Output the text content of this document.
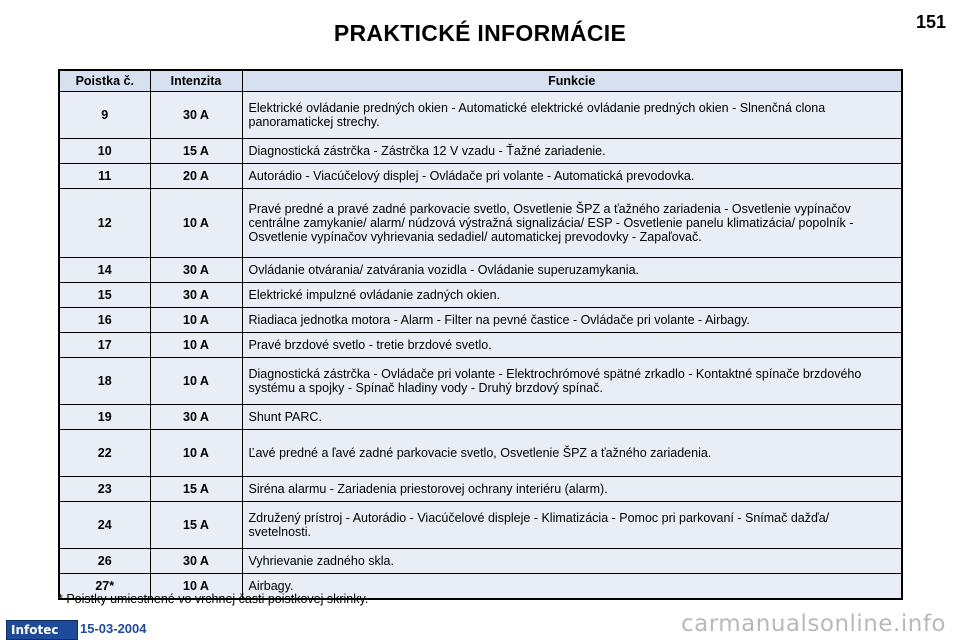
PRAKTICKÉ INFORMÁCIE	151
Poistka č.	Intenzita	Funkcie
9	30 A	Elektrické ovládanie predných okien - Automatické elektrické ovládanie predných okien - Slnenčná clona panoramatickej strechy.
10	15 A	Diagnostická zástrčka - Zástrčka 12 V vzadu - Ťažné zariadenie.
11	20 A	Autorádio - Viacúčelový displej - Ovládače pri volante - Automatická prevodovka.
12	10 A	Pravé predné a pravé zadné parkovacie svetlo, Osvetlenie ŠPZ a ťažného zariadenia - Osvetlenie vypínačov centrálne zamykanie/ alarm/ núdzová výstražná signalizácia/ ESP - Osvetlenie panelu klimatizácia/ popolník - Osvetlenie vypínačov vyhrievania sedadiel/ automatickej prevodovky - Zapaľovač.
14	30 A	Ovládanie otvárania/ zatvárania vozidla - Ovládanie superuzamykania.
15	30 A	Elektrické impulzné ovládanie zadných okien.
16	10 A	Riadiaca jednotka motora - Alarm - Filter na pevné častice - Ovládače pri volante - Airbagy.
17	10 A	Pravé brzdové svetlo - tretie brzdové svetlo.
18	10 A	Diagnostická zástrčka - Ovládače pri volante - Elektrochrómové spätné zrkadlo - Kontaktné spínače brzdového systému a spojky - Spínač hladiny vody - Druhý brzdový spínač.
19	30 A	Shunt PARC.
22	10 A	Ľavé predné a ľavé zadné parkovacie svetlo, Osvetlenie ŠPZ a ťažného zariadenia.
23	15 A	Siréna alarmu - Zariadenia priestorovej ochrany interiéru (alarm).
24	15 A	Združený prístroj - Autorádio - Viacúčelové displeje - Klimatizácia - Pomoc pri parkovaní - Snímač dažďa/ svetelnosti.
26	30 A	Vyhrievanie zadného skla.
27*	10 A	Airbagy.
* Poistky umiestnené vo vrchnej časti poistkovej skrinky.
Infotec	15-03-2004	carmanualsonline.info
